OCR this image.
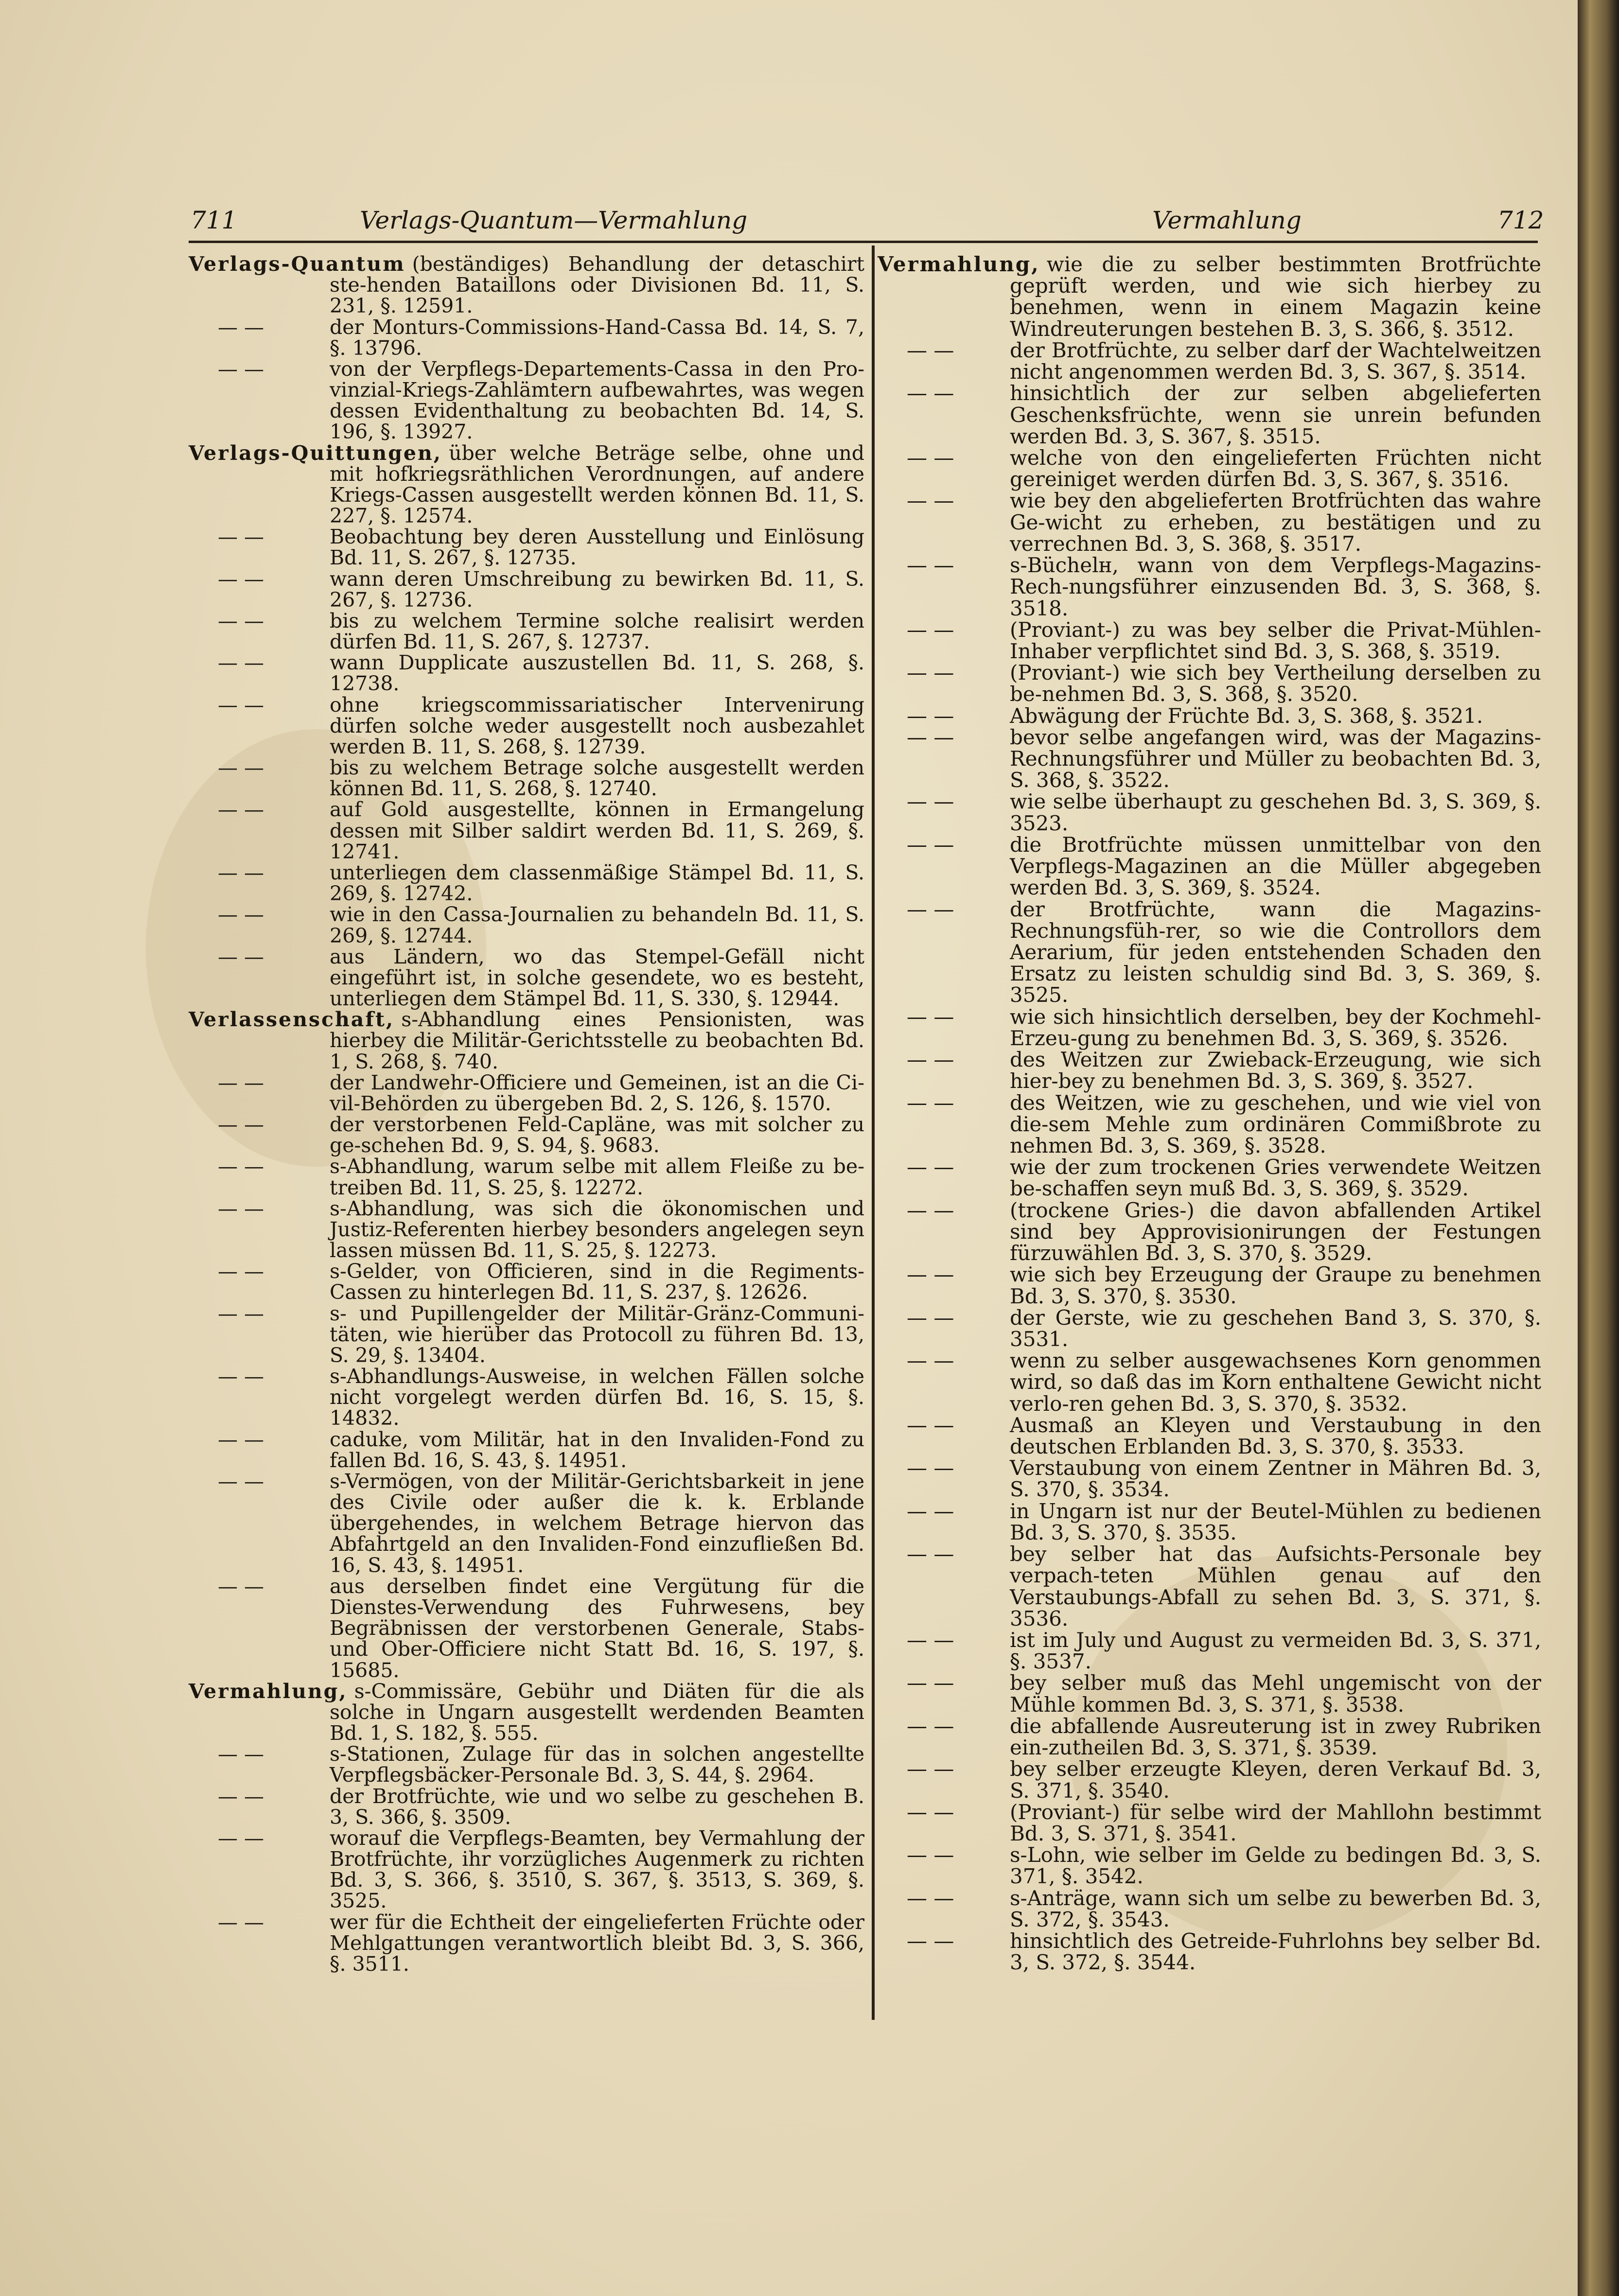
711	Verlags-Quantum—Vermahlung	Vermahlung	712
Verlags-Quantum (beständiges) Behandlung der detaschirt ste-henden Bataillons oder Divisionen Bd. 11, S. 231, §. 12591.
— —	der Monturs-Commissions-Hand-Cassa Bd. 14, S. 7, §. 13796.
— —	von der Verpflegs-Departements-Cassa in den Pro-vinzial-Kriegs-Zahlämtern aufbewahrtes, was wegen dessen Evidenthaltung zu beobachten Bd. 14, S. 196, §. 13927.
Verlags-Quittungen, über welche Beträge selbe, ohne und mit hofkriegsräthlichen Verordnungen, auf andere Kriegs-Cassen ausgestellt werden können Bd. 11, S. 227, §. 12574.
— —	Beobachtung bey deren Ausstellung und Einlösung Bd. 11, S. 267, §. 12735.
— —	wann deren Umschreibung zu bewirken Bd. 11, S. 267, §. 12736.
— —	bis zu welchem Termine solche realisirt werden dürfen Bd. 11, S. 267, §. 12737.
— —	wann Dupplicate auszustellen Bd. 11, S. 268, §. 12738.
— —	ohne kriegscommissariatischer Intervenirung dürfen solche weder ausgestellt noch ausbezahlet werden B. 11, S. 268, §. 12739.
— —	bis zu welchem Betrage solche ausgestellt werden können Bd. 11, S. 268, §. 12740.
— —	auf Gold ausgestellte, können in Ermangelung dessen mit Silber saldirt werden Bd. 11, S. 269, §. 12741.
— —	unterliegen dem classenmäßige Stämpel Bd. 11, S. 269, §. 12742.
— —	wie in den Cassa-Journalien zu behandeln Bd. 11, S. 269, §. 12744.
— —	aus Ländern, wo das Stempel-Gefäll nicht eingeführt ist, in solche gesendete, wo es besteht, unterliegen dem Stämpel Bd. 11, S. 330, §. 12944.
Verlassenschaft, s-Abhandlung eines Pensionisten, was hierbey die Militär-Gerichtsstelle zu beobachten Bd. 1, S. 268, §. 740.
— —	der Landwehr-Officiere und Gemeinen, ist an die Ci-vil-Behörden zu übergeben Bd. 2, S. 126, §. 1570.
— —	der verstorbenen Feld-Capläne, was mit solcher zu ge-schehen Bd. 9, S. 94, §. 9683.
— —	s-Abhandlung, warum selbe mit allem Fleiße zu be-treiben Bd. 11, S. 25, §. 12272.
— —	s-Abhandlung, was sich die ökonomischen und Justiz-Referenten hierbey besonders angelegen seyn lassen müssen Bd. 11, S. 25, §. 12273.
— —	s-Gelder, von Officieren, sind in die Regiments-Cassen zu hinterlegen Bd. 11, S. 237, §. 12626.
— —	s- und Pupillengelder der Militär-Gränz-Communi-täten, wie hierüber das Protocoll zu führen Bd. 13, S. 29, §. 13404.
— —	s-Abhandlungs-Ausweise, in welchen Fällen solche nicht vorgelegt werden dürfen Bd. 16, S. 15, §. 14832.
— —	caduke, vom Militär, hat in den Invaliden-Fond zu fallen Bd. 16, S. 43, §. 14951.
— —	s-Vermögen, von der Militär-Gerichtsbarkeit in jene des Civile oder außer die k. k. Erblande übergehendes, in welchem Betrage hiervon das Abfahrtgeld an den Invaliden-Fond einzufließen Bd. 16, S. 43, §. 14951.
— —	aus derselben findet eine Vergütung für die Dienstes-Verwendung des Fuhrwesens, bey Begräbnissen der verstorbenen Generale, Stabs- und Ober-Officiere nicht Statt Bd. 16, S. 197, §. 15685.
Vermahlung, s-Commissäre, Gebühr und Diäten für die als solche in Ungarn ausgestellt werdenden Beamten Bd. 1, S. 182, §. 555.
— —	s-Stationen, Zulage für das in solchen angestellte Verpflegsbäcker-Personale Bd. 3, S. 44, §. 2964.
— —	der Brotfrüchte, wie und wo selbe zu geschehen B. 3, S. 366, §. 3509.
— —	worauf die Verpflegs-Beamten, bey Vermahlung der Brotfrüchte, ihr vorzügliches Augenmerk zu richten Bd. 3, S. 366, §. 3510, S. 367, §. 3513, S. 369, §. 3525.
— —	wer für die Echtheit der eingelieferten Früchte oder Mehlgattungen verantwortlich bleibt Bd. 3, S. 366, §. 3511.
Vermahlung, wie die zu selber bestimmten Brotfrüchte geprüft werden, und wie sich hierbey zu benehmen, wenn in einem Magazin keine Windreuterungen bestehen B. 3, S. 366, §. 3512.
— —	der Brotfrüchte, zu selber darf der Wachtelweitzen nicht angenommen werden Bd. 3, S. 367, §. 3514.
— —	hinsichtlich der zur selben abgelieferten Geschenksfrüchte, wenn sie unrein befunden werden Bd. 3, S. 367, §. 3515.
— —	welche von den eingelieferten Früchten nicht gereiniget werden dürfen Bd. 3, S. 367, §. 3516.
— —	wie bey den abgelieferten Brotfrüchten das wahre Ge-wicht zu erheben, zu bestätigen und zu verrechnen Bd. 3, S. 368, §. 3517.
— —	s-Büchelн, wann von dem Verpflegs-Magazins-Rech-nungsführer einzusenden Bd. 3, S. 368, §. 3518.
— —	(Proviant-) zu was bey selber die Privat-Mühlen-Inhaber verpflichtet sind Bd. 3, S. 368, §. 3519.
— —	(Proviant-) wie sich bey Vertheilung derselben zu be-nehmen Bd. 3, S. 368, §. 3520.
— —	Abwägung der Früchte Bd. 3, S. 368, §. 3521.
— —	bevor selbe angefangen wird, was der Magazins-Rechnungsführer und Müller zu beobachten Bd. 3, S. 368, §. 3522.
— —	wie selbe überhaupt zu geschehen Bd. 3, S. 369, §. 3523.
— —	die Brotfrüchte müssen unmittelbar von den Verpflegs-Magazinen an die Müller abgegeben werden Bd. 3, S. 369, §. 3524.
— —	der Brotfrüchte, wann die Magazins-Rechnungsfüh-rer, so wie die Controllors dem Aerarium, für jeden entstehenden Schaden den Ersatz zu leisten schuldig sind Bd. 3, S. 369, §. 3525.
— —	wie sich hinsichtlich derselben, bey der Kochmehl-Erzeu-gung zu benehmen Bd. 3, S. 369, §. 3526.
— —	des Weitzen zur Zwieback-Erzeugung, wie sich hier-bey zu benehmen Bd. 3, S. 369, §. 3527.
— —	des Weitzen, wie zu geschehen, und wie viel von die-sem Mehle zum ordinären Commißbrote zu nehmen Bd. 3, S. 369, §. 3528.
— —	wie der zum trockenen Gries verwendete Weitzen be-schaffen seyn muß Bd. 3, S. 369, §. 3529.
— —	(trockene Gries-) die davon abfallenden Artikel sind bey Approvisionirungen der Festungen fürzuwählen Bd. 3, S. 370, §. 3529.
— —	wie sich bey Erzeugung der Graupe zu benehmen Bd. 3, S. 370, §. 3530.
— —	der Gerste, wie zu geschehen Band 3, S. 370, §. 3531.
— —	wenn zu selber ausgewachsenes Korn genommen wird, so daß das im Korn enthaltene Gewicht nicht verlo-ren gehen Bd. 3, S. 370, §. 3532.
— —	Ausmaß an Kleyen und Verstaubung in den deutschen Erblanden Bd. 3, S. 370, §. 3533.
— —	Verstaubung von einem Zentner in Mähren Bd. 3, S. 370, §. 3534.
— —	in Ungarn ist nur der Beutel-Mühlen zu bedienen Bd. 3, S. 370, §. 3535.
— —	bey selber hat das Aufsichts-Personale bey verpach-teten Mühlen genau auf den Verstaubungs-Abfall zu sehen Bd. 3, S. 371, §. 3536.
— —	ist im July und August zu vermeiden Bd. 3, S. 371, §. 3537.
— —	bey selber muß das Mehl ungemischt von der Mühle kommen Bd. 3, S. 371, §. 3538.
— —	die abfallende Ausreuterung ist in zwey Rubriken ein-zutheilen Bd. 3, S. 371, §. 3539.
— —	bey selber erzeugte Kleyen, deren Verkauf Bd. 3, S. 371, §. 3540.
— —	(Proviant-) für selbe wird der Mahllohn bestimmt Bd. 3, S. 371, §. 3541.
— —	s-Lohn, wie selber im Gelde zu bedingen Bd. 3, S. 371, §. 3542.
— —	s-Anträge, wann sich um selbe zu bewerben Bd. 3, S. 372, §. 3543.
— —	hinsichtlich des Getreide-Fuhrlohns bey selber Bd. 3, S. 372, §. 3544.
